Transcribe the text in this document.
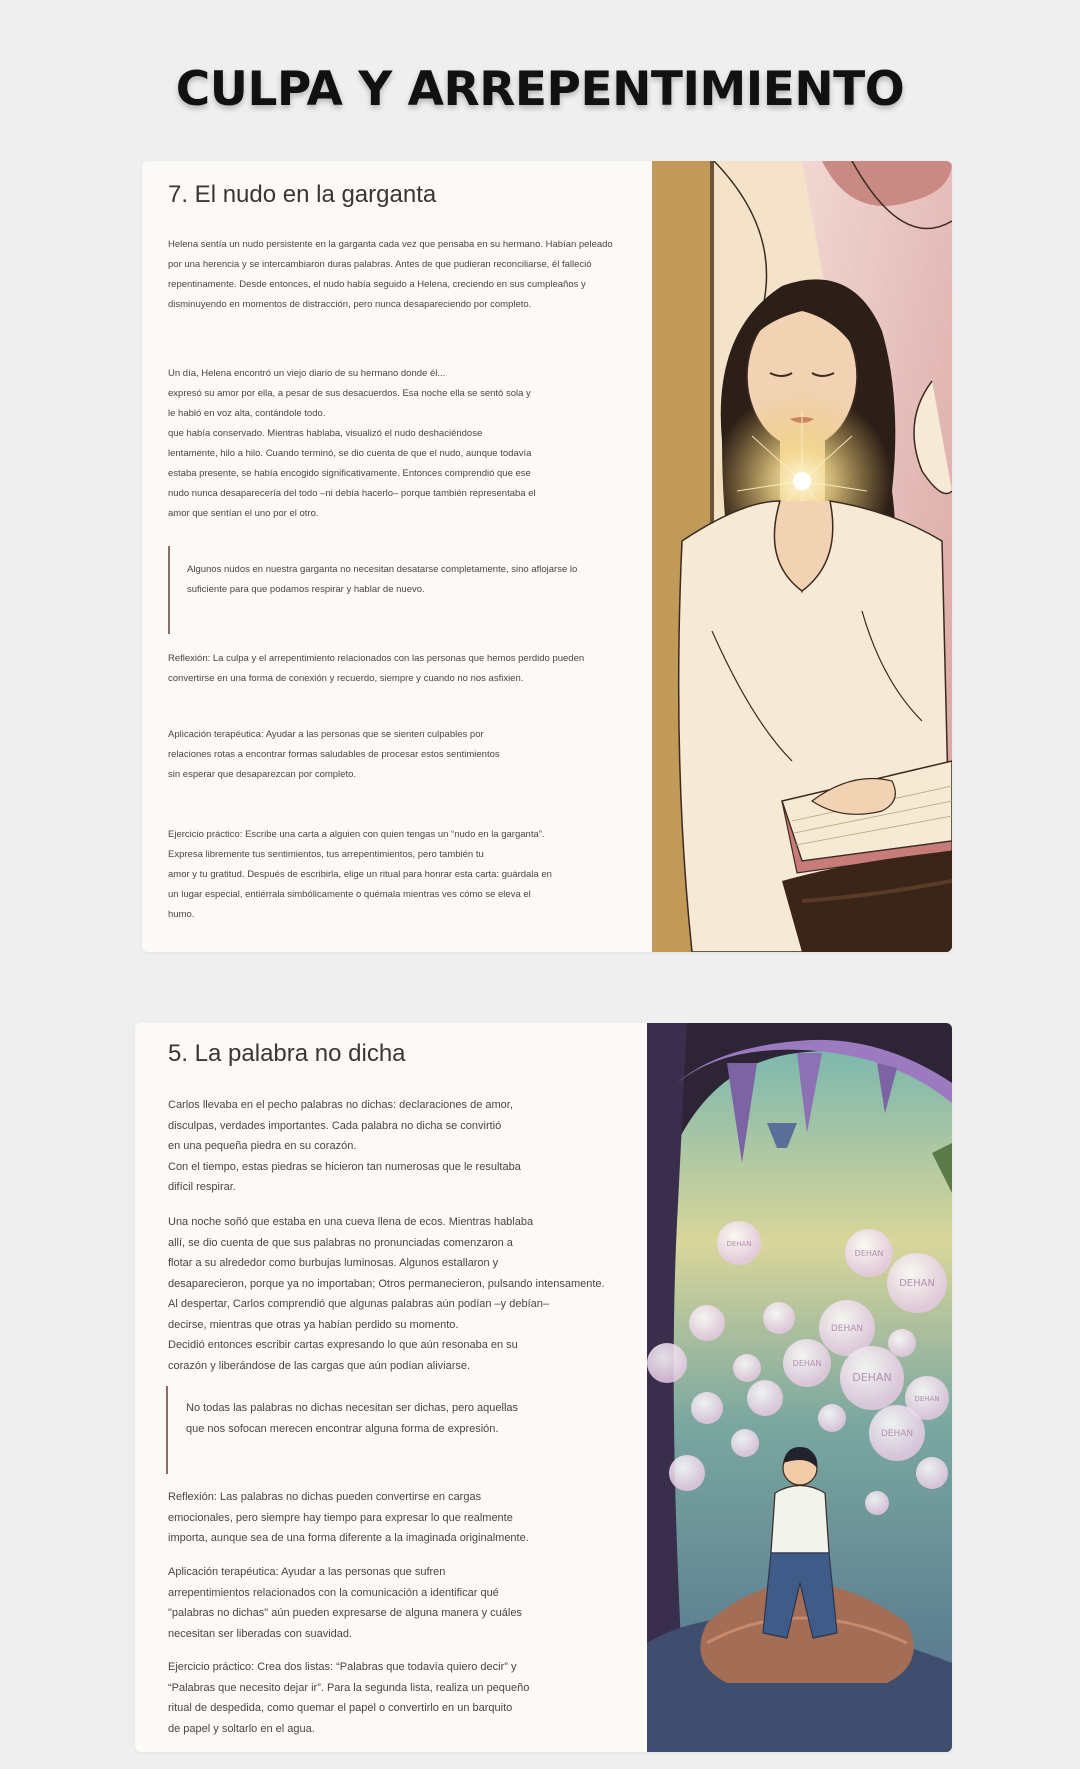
CULPA Y ARREPENTIMIENTO
7. El nudo en la garganta

Helena sentía un nudo persistente en la garganta cada vez que pensaba en su hermano. Habían peleado por una herencia y se intercambiaron duras palabras. Antes de que pudieran reconciliarse, él falleció repentinamente. Desde entonces, el nudo había seguido a Helena, creciendo en sus cumpleaños y disminuyendo en momentos de distracción, pero nunca desapareciendo por completo.

Un día, Helena encontró un viejo diario de su hermano donde él...
expresó su amor por ella, a pesar de sus desacuerdos. Esa noche ella se sentó sola y
le habló en voz alta, contándole todo.
que había conservado. Mientras hablaba, visualizó el nudo deshaciéndose
lentamente, hilo a hilo. Cuando terminó, se dio cuenta de que el nudo, aunque todavía
estaba presente, se había encogido significativamente. Entonces comprendió que ese
nudo nunca desaparecería del todo –ni debía hacerlo– porque también representaba el
amor que sentían el uno por el otro.

Algunos nudos en nuestra garganta no necesitan desatarse completamente, sino aflojarse lo suficiente para que podamos respirar y hablar de nuevo.

Reflexión: La culpa y el arrepentimiento relacionados con las personas que hemos perdido pueden convertirse en una forma de conexión y recuerdo, siempre y cuando no nos asfixien.

Aplicación terapéutica: Ayudar a las personas que se sienten culpables por
relaciones rotas a encontrar formas saludables de procesar estos sentimientos
sin esperar que desaparezcan por completo.

Ejercicio práctico: Escribe una carta a alguien con quien tengas un “nudo en la garganta”.
Expresa libremente tus sentimientos, tus arrepentimientos, pero también tu
amor y tu gratitud. Después de escribirla, elige un ritual para honrar esta carta: guárdala en
un lugar especial, entiérrala simbólicamente o quémala mientras ves cómo se eleva el
humo.

5. La palabra no dicha

Carlos llevaba en el pecho palabras no dichas: declaraciones de amor,
disculpas, verdades importantes. Cada palabra no dicha se convirtió
en una pequeña piedra en su corazón.
Con el tiempo, estas piedras se hicieron tan numerosas que le resultaba
difícil respirar.

Una noche soñó que estaba en una cueva llena de ecos. Mientras hablaba
allí, se dio cuenta de que sus palabras no pronunciadas comenzaron a
flotar a su alrededor como burbujas luminosas. Algunos estallaron y
desaparecieron, porque ya no importaban; Otros permanecieron, pulsando intensamente.
Al despertar, Carlos comprendió que algunas palabras aún podían –y debían–
decirse, mientras que otras ya habían perdido su momento.
Decidió entonces escribir cartas expresando lo que aún resonaba en su
corazón y liberándose de las cargas que aún podían aliviarse.

No todas las palabras no dichas necesitan ser dichas, pero aquellas
que nos sofocan merecen encontrar alguna forma de expresión.

Reflexión: Las palabras no dichas pueden convertirse en cargas
emocionales, pero siempre hay tiempo para expresar lo que realmente
importa, aunque sea de una forma diferente a la imaginada originalmente.

Aplicación terapéutica: Ayudar a las personas que sufren
arrepentimientos relacionados con la comunicación a identificar qué
"palabras no dichas" aún pueden expresarse de alguna manera y cuáles
necesitan ser liberadas con suavidad.

Ejercicio práctico: Crea dos listas: “Palabras que todavía quiero decir” y
“Palabras que necesito dejar ir”. Para la segunda lista, realiza un pequeño
ritual de despedida, como quemar el papel o convertirlo en un barquito
de papel y soltarlo en el agua.

DEHAN
DEHAN
DEHAN
DEHAN
DEHAN
DEHAN
DEHAN
DEHAN
